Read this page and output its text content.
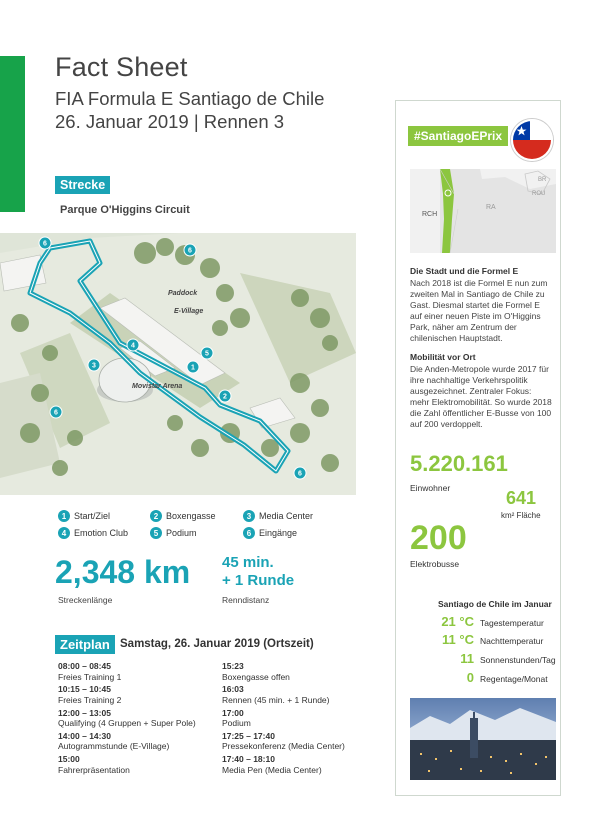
Fact Sheet
FIA Formula E Santiago de Chile
26. Januar 2019 | Rennen 3
Strecke
Parque O'Higgins Circuit
Paddock
E-Village
Movistar Arena
6
6
5
4
3	1
2
6
6
1 Start/Ziel	2 Boxengasse	3 Media Center
4 Emotion Club	5 Podium	6 Eingänge
2,348 km
Streckenlänge
45 min.
+ 1 Runde
Renndistanz
Zeitplan Samstag, 26. Januar 2019 (Ortszeit)
08:00 – 08:45
Freies Training 1
10:15 – 10:45
Freies Training 2
12:00 – 13:05
Qualifying (4 Gruppen + Super Pole)
14:00 – 14:30
Autogrammstunde (E-Village)
15:00
Fahrerpräsentation
15:23
Boxengasse offen
16:03
Rennen (45 min. + 1 Runde)
17:00
Podium
17:25 – 17:40
Pressekonferenz (Media Center)
17:40 – 18:10
Media Pen (Media Center)
#SantiagoEPrix
RCH
RA
ROU
BR
Die Stadt und die Formel E
Nach 2018 ist die Formel E nun zum zweiten Mal in Santiago de Chile zu Gast. Diesmal startet die Formel E auf einer neuen Piste im O'Higgins Park, näher am Zentrum der chilenischen Hauptstadt.
Mobilität vor Ort
Die Anden-Metropole wurde 2017 für ihre nachhaltige Verkehrspolitik ausgezeichnet. Zentraler Fokus: mehr Elektromobilität. So wurde 2018 die Zahl öffentlicher E-Busse von 100 auf 200 verdoppelt.
5.220.161
Einwohner	641
km² Fläche
200
Elektrobusse
Santiago de Chile im Januar
21 °C Tagestemperatur
11 °C Nachttemperatur
11 Sonnenstunden/Tag
0 Regentage/Monat
